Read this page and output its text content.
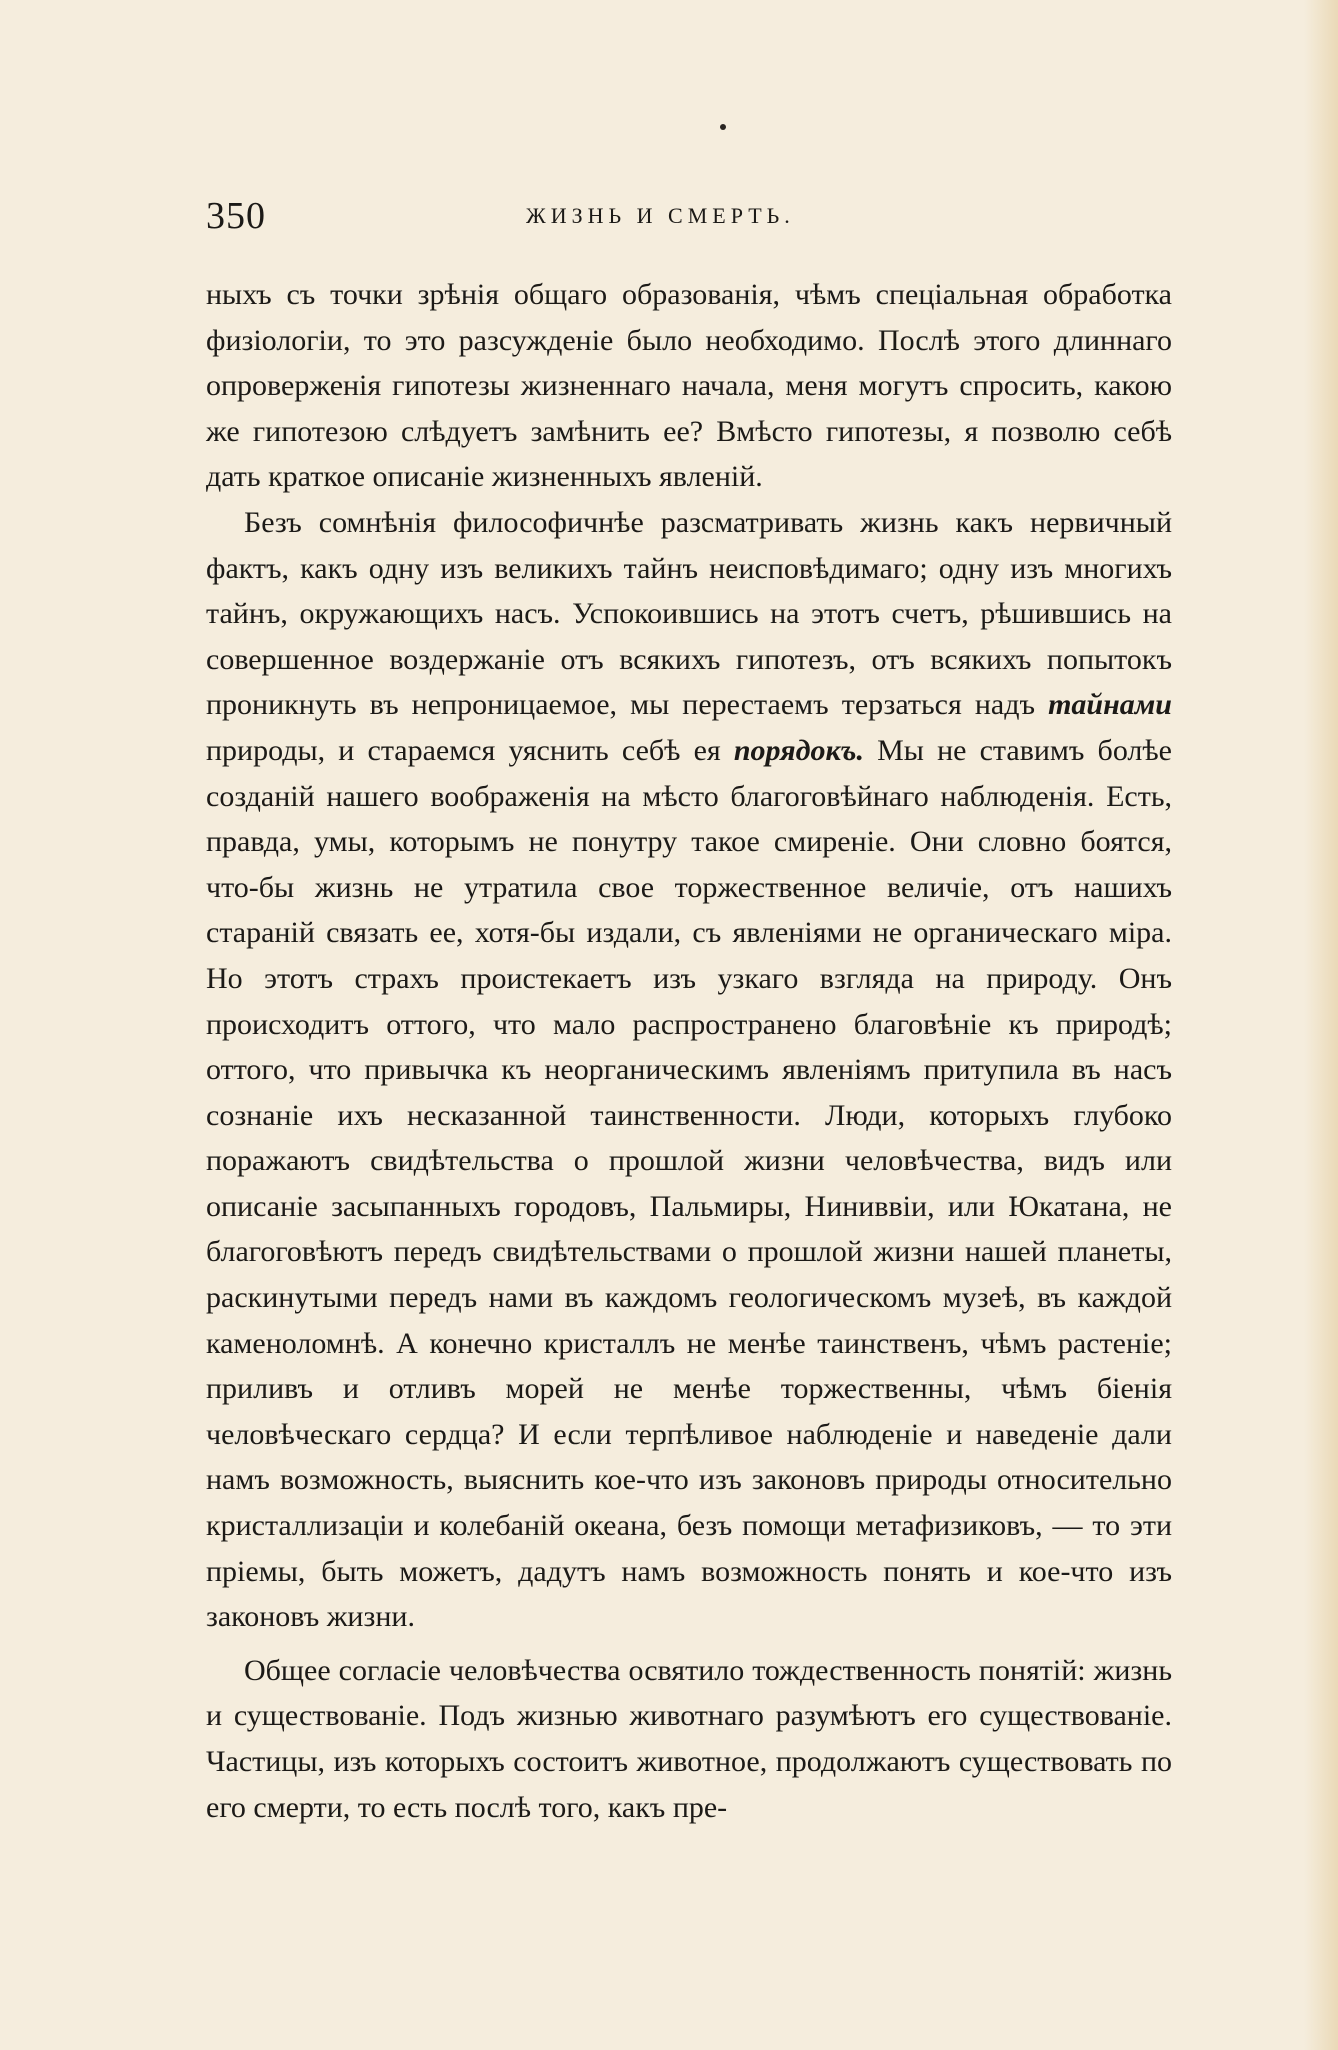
350	ЖИЗНЬ И СМЕРТЬ.

ныхъ съ точки зрѣнія общаго образованія, чѣмъ спеціальная обработка физіологіи, то это разсужденіе было необходимо. Послѣ этого длиннаго опроверженія гипотезы жизненнаго начала, меня могутъ спросить, какою же гипотезою слѣдуетъ замѣнить ее? Вмѣсто гипотезы, я позволю себѣ дать краткое описаніе жизненныхъ явленій.

Безъ сомнѣнія философичнѣе разсматривать жизнь какъ нервичный фактъ, какъ одну изъ великихъ тайнъ неисповѣдимаго; одну изъ многихъ тайнъ, окружающихъ насъ. Успокоившись на этотъ счетъ, рѣшившись на совершенное воздержаніе отъ всякихъ гипотезъ, отъ всякихъ попытокъ проникнуть въ непроницаемое, мы перестаемъ терзаться надъ тайнами природы, и стараемся уяснить себѣ ея порядокъ. Мы не ставимъ болѣе созданій нашего воображенія на мѣсто благоговѣйнаго наблюденія. Есть, правда, умы, которымъ не понутру такое смиреніе. Они словно боятся, что-бы жизнь не утратила свое торжественное величіе, отъ нашихъ стараній связать ее, хотя-бы издали, съ явленіями не органическаго міра. Но этотъ страхъ проистекаетъ изъ узкаго взгляда на природу. Онъ происходитъ оттого, что мало распространено благовѣніе къ природѣ; оттого, что привычка къ неорганическимъ явленіямъ притупила въ насъ сознаніе ихъ несказанной таинственности. Люди, которыхъ глубоко поражаютъ свидѣтельства о прошлой жизни человѣчества, видъ или описаніе засыпанныхъ городовъ, Пальмиры, Ниниввіи, или Юкатана, не благоговѣютъ передъ свидѣтельствами о прошлой жизни нашей планеты, раскинутыми передъ нами въ каждомъ геологическомъ музеѣ, въ каждой каменоломнѣ. А конечно кристаллъ не менѣе таинственъ, чѣмъ растеніе; приливъ и отливъ морей не менѣе торжественны, чѣмъ біенія человѣческаго сердца? И если терпѣливое наблюденіе и наведеніе дали намъ возможность, выяснить кое-что изъ законовъ природы относительно кристаллизаціи и колебаній океана, безъ помощи метафизиковъ, — то эти пріемы, быть можетъ, дадутъ намъ возможность понять и кое-что изъ законовъ жизни.

Общее согласіе человѣчества освятило тождественность понятій: жизнь и существованіе. Подъ жизнью животнаго разумѣютъ его существованіе. Частицы, изъ которыхъ состоитъ животное, продолжаютъ существовать по его смерти, то есть послѣ того, какъ пре-
